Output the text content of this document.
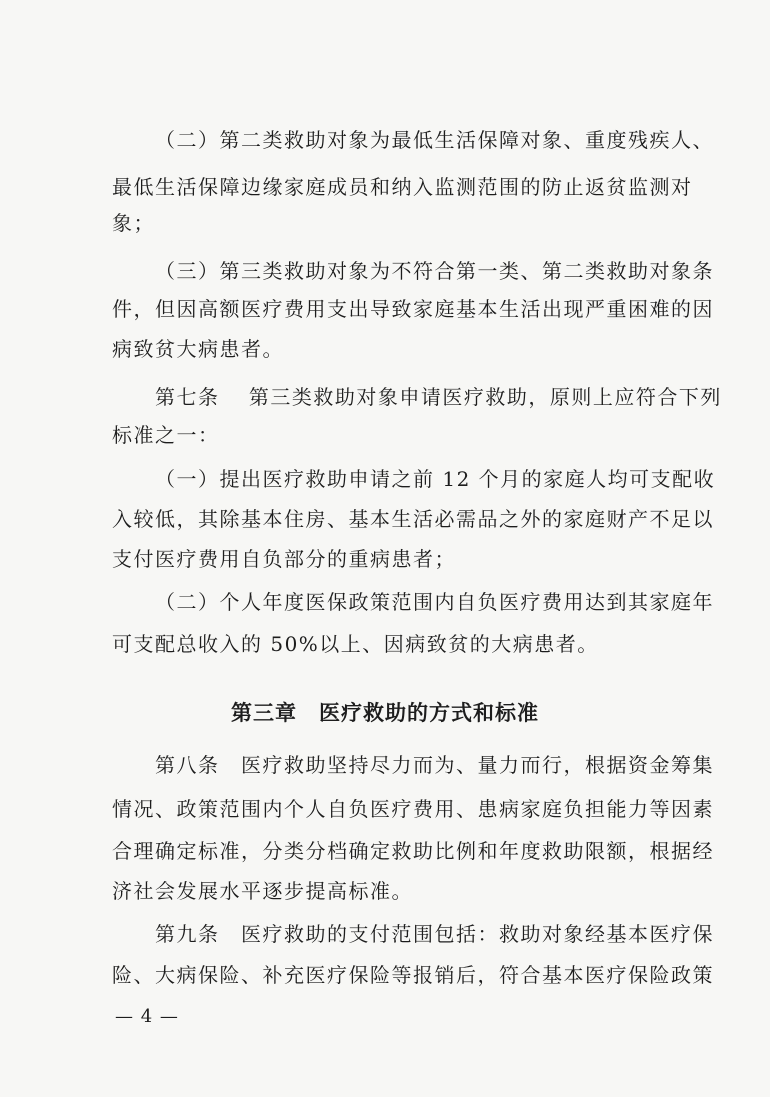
（二）第二类救助对象为最低生活保障对象、重度残疾人、
最低生活保障边缘家庭成员和纳入监测范围的防止返贫监测对
象；
（三）第三类救助对象为不符合第一类、第二类救助对象条
件，但因高额医疗费用支出导致家庭基本生活出现严重困难的因
病致贫大病患者。
第七条　 第三类救助对象申请医疗救助，原则上应符合下列
标准之一：
（一）提出医疗救助申请之前 12 个月的家庭人均可支配收
入较低，其除基本住房、基本生活必需品之外的家庭财产不足以
支付医疗费用自负部分的重病患者；
（二）个人年度医保政策范围内自负医疗费用达到其家庭年
可支配总收入的 50%以上、因病致贫的大病患者。
第三章　医疗救助的方式和标准
第八条　医疗救助坚持尽力而为、量力而行，根据资金筹集
情况、政策范围内个人自负医疗费用、患病家庭负担能力等因素
合理确定标准，分类分档确定救助比例和年度救助限额，根据经
济社会发展水平逐步提高标准。
第九条　医疗救助的支付范围包括：救助对象经基本医疗保
险、大病保险、补充医疗保险等报销后，符合基本医疗保险政策
— 4 —
